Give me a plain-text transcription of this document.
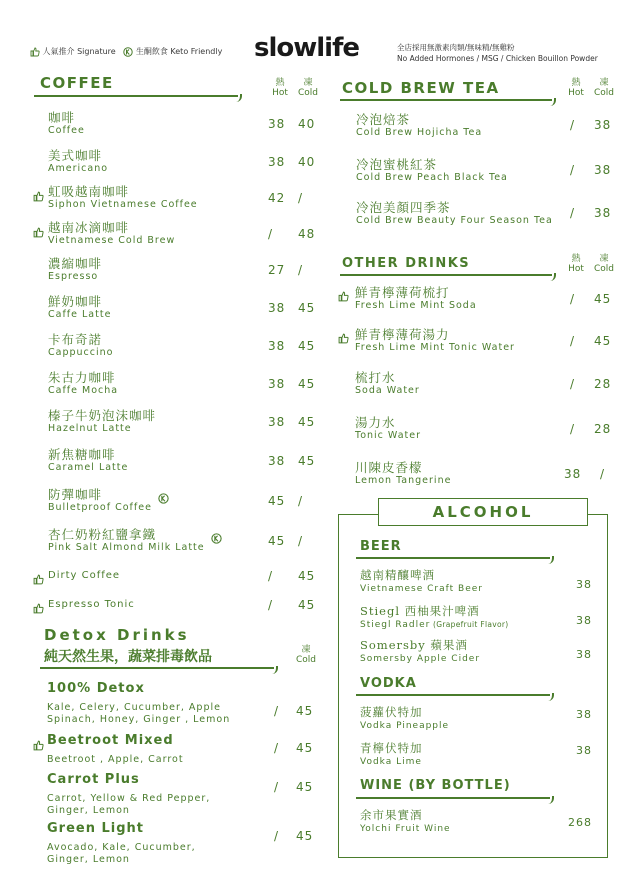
人氣推介 Signature	生酮飲食 Keto Friendly slowlife	全店採用無激素肉類/無味精/無雞粉
No Added Hormones / MSG / Chicken Bouillon Powder
COFFEE	熱
Hot
凍
Cold
咖啡
Coffee	38 40
美式咖啡
Americano	38 40
虹吸越南咖啡
Siphon Vietnamese Coffee	42 /
越南冰滴咖啡
Vietnamese Cold Brew	/ 48
濃縮咖啡
Espresso	27 /
鮮奶咖啡
Caffe Latte	38 45
卡布奇諾
Cappuccino	38 45
朱古力咖啡
Caffe Mocha	38 45
榛子牛奶泡沫咖啡
Hazelnut Latte	38 45
新焦糖咖啡
Caramel Latte	38 45
防彈咖啡
Bulletproof Coffee	45 /
杏仁奶粉紅鹽拿鐵
Pink Salt Almond Milk Latte	45 /
Dirty Coffee	/ 45
Espresso Tonic	/ 45
Detox Drinks
純天然生果，蔬菜排毒飲品	凍
Cold
100% Detox
Kale, Celery, Cucumber, Apple
Spinach, Honey, Ginger , Lemon
/ 45
Beetroot Mixed
Beetroot , Apple, Carrot
/ 45
Carrot Plus
Carrot, Yellow & Red Pepper,
Ginger, Lemon
/ 45
Green Light
Avocado, Kale, Cucumber,
Ginger, Lemon
/ 45
COLD BREW TEA	熱
Hot
凍
Cold
冷泡焙茶
Cold Brew Hojicha Tea
/ 38
冷泡蜜桃紅茶
Cold Brew Peach Black Tea
/ 38
冷泡美顏四季茶
Cold Brew Beauty Four Season Tea
/ 38
OTHER DRINKS	熱
Hot
凍
Cold
鮮青檸薄荷梳打
Fresh Lime Mint Soda	/ 45
鮮青檸薄荷湯力
Fresh Lime Mint Tonic Water	/ 45
梳打水
Soda Water	/ 28
湯力水
Tonic Water	/ 28
川陳皮香檬
Lemon Tangerine	38 /
ALCOHOL
BEER
越南精釀啤酒
Vietnamese Craft Beer	38
Stiegl 西柚果汁啤酒
Stiegl Radler (Grapefruit Flavor)	38
Somersby 蘋果酒
Somersby Apple Cider	38
VODKA
菠蘿伏特加
Vodka Pineapple
38
青檸伏特加
Vodka Lime
38
WINE (BY BOTTLE)
余市果實酒
Yolchi Fruit Wine	268
